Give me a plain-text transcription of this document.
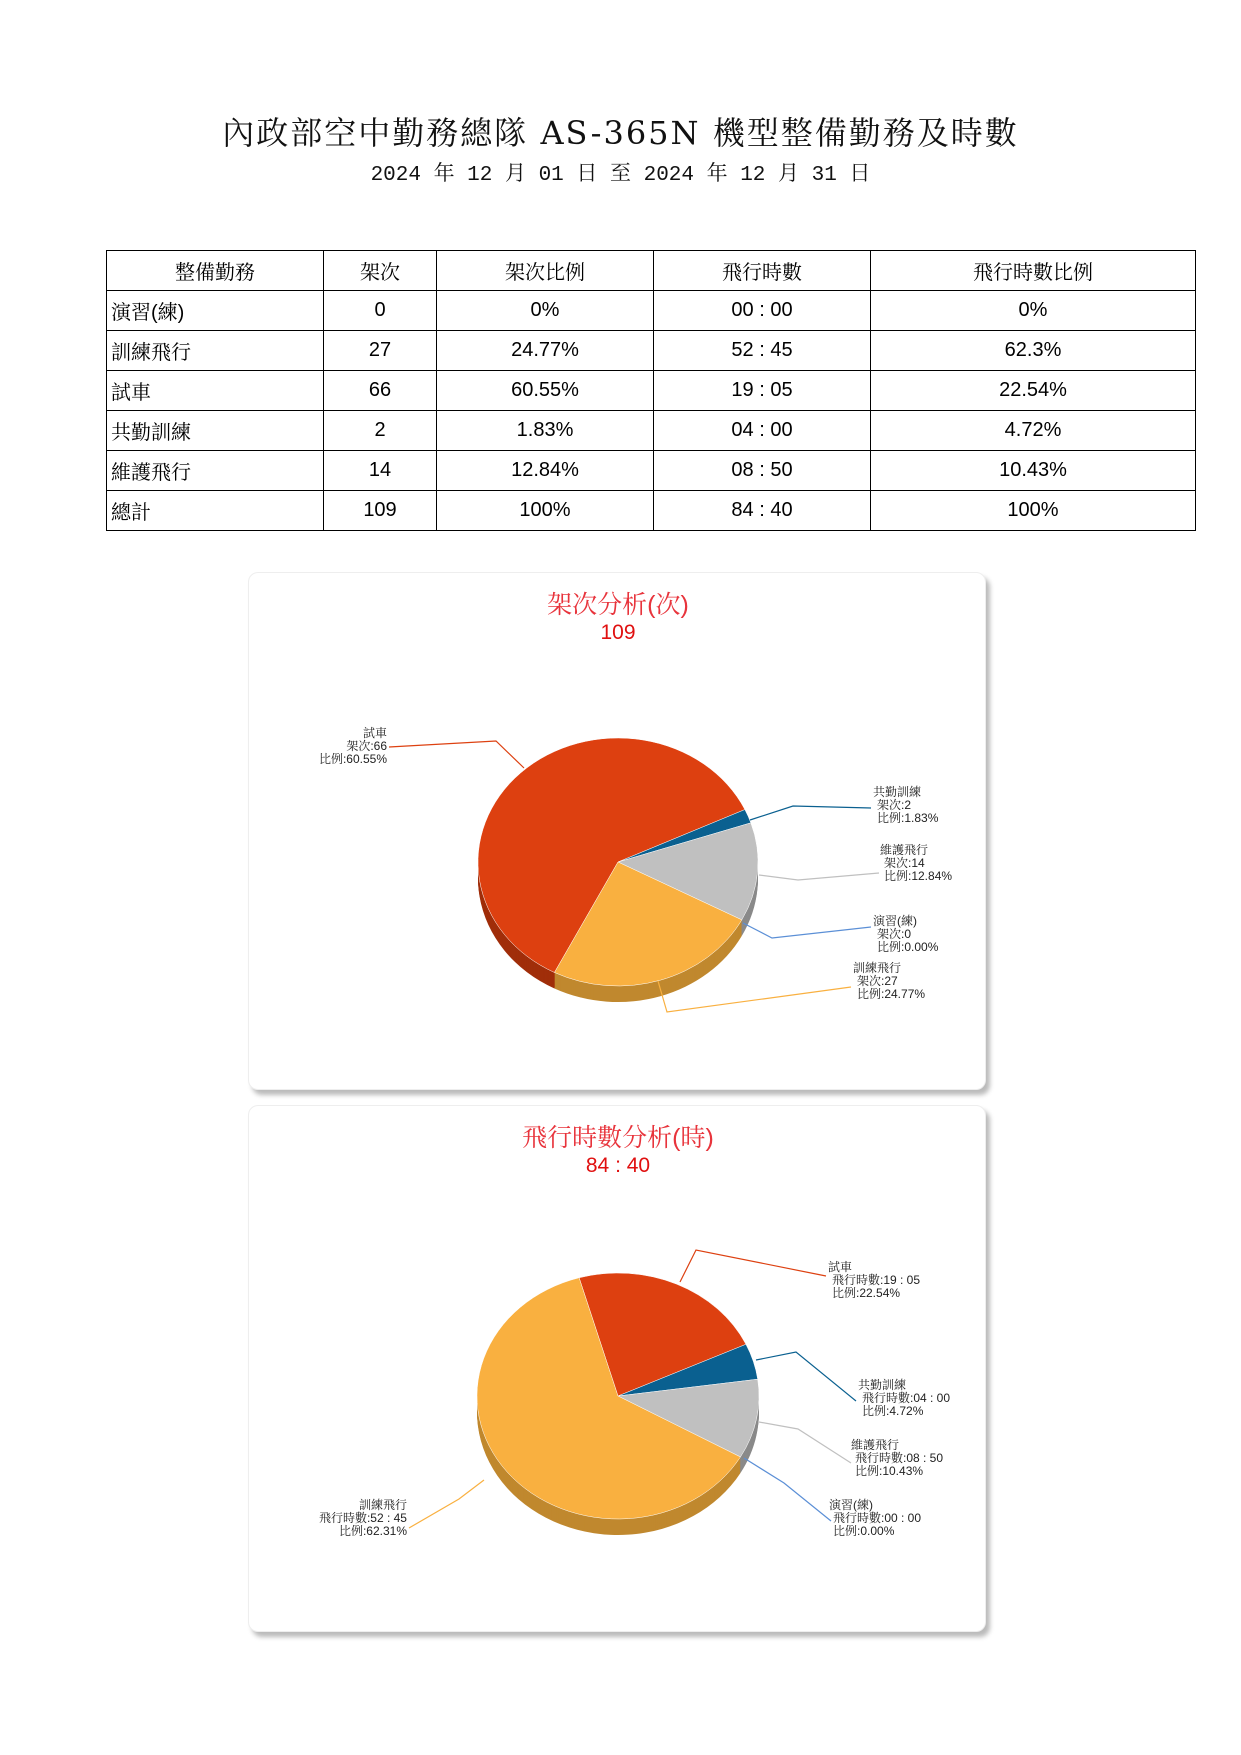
內政部空中勤務總隊 AS-365N 機型整備勤務及時數
2024 年 12 月 01 日 至 2024 年 12 月 31 日
整備勤務	架次	架次比例	飛行時數	飛行時數比例
演習(練)	0	0%	00 : 00	0%
訓練飛行	27	24.77%	52 : 45	62.3%
試車	66	60.55%	19 : 05	22.54%
共勤訓練	2	1.83%	04 : 00	4.72%
維護飛行	14	12.84%	08 : 50	10.43%
總計	109	100%	84 : 40	100%
架次分析(次)
109
演習(練)
架次:0
比例:0.00%
訓練飛行
架次:27
比例:24.77%
試車
架次:66
比例:60.55%
共勤訓練
架次:2
比例:1.83%
維護飛行
架次:14
比例:12.84%
飛行時數分析(時)
84 : 40
演習(練)
飛行時數:00 : 00
比例:0.00%
訓練飛行
飛行時數:52 : 45
比例:62.31%
試車
飛行時數:19 : 05
比例:22.54%
共勤訓練
飛行時數:04 : 00
比例:4.72%
維護飛行
飛行時數:08 : 50
比例:10.43%
